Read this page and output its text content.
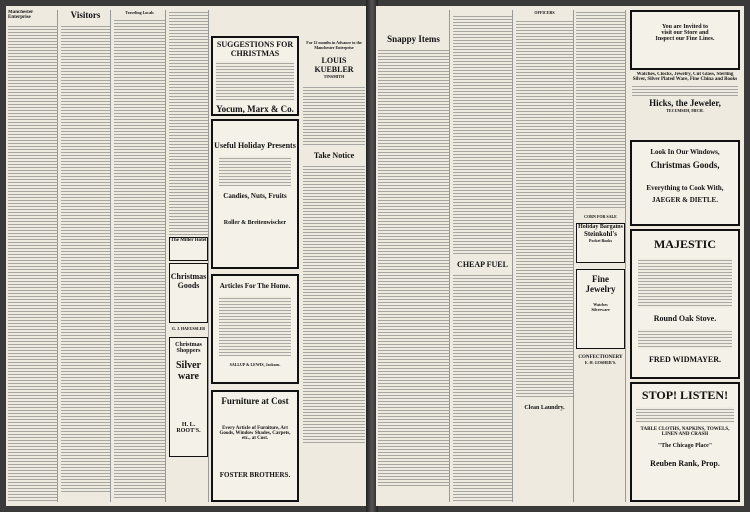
Manchester Enterprise	Visitors	Traveling Locals
The Miller Hotel
Christmas Goods
G. J. HAEUSSLER
Christmas Shoppers
Silver ware
H. L. ROOT'S.
SUGGESTIONS FOR CHRISTMAS
Yocum, Marx & Co.
Useful Holiday Presents
Candies, Nuts, Fruits
Roller & Breitenwischer
Articles For The Home.
SALLUP & LEWIS, Jackson.
Furniture at Cost
Every Article of Furniture, Art Goods, Window Shades, Carpets, etc., at Cost.
FOSTER BROTHERS.
For 12 months in Advance to the Manchester Enterprise
LOUIS KUEBLER
TINSMITH
Take Notice
Snappy Items
CHEAP FUEL
OFFICERS
Clean Laundry.
CORN FOR SALE
Holiday Bargains
Steinkohl's
Pocket Books
Fine Jewelry
Watches
Silverware
CONFECTIONERY
E. H. GOSHER'S.
You are Invited to
visit our Store and
Inspect our Fine Lines.
Watches, Clocks, Jewelry, Cut Glass, Sterling Silver, Silver Plated Ware, Fine China and Books
Hicks, the Jeweler,
TECUMSEH, MICH.
Look In Our Windows,
Christmas Goods,
Everything to Cook With,
JAEGER & DIETLE.
MAJESTIC
Round Oak Stove.
FRED WIDMAYER.
STOP! LISTEN!
TABLE CLOTHS, NAPKINS, TOWELS, LINEN AND CRASH
"The Chicago Place"
Reuben Rank, Prop.
